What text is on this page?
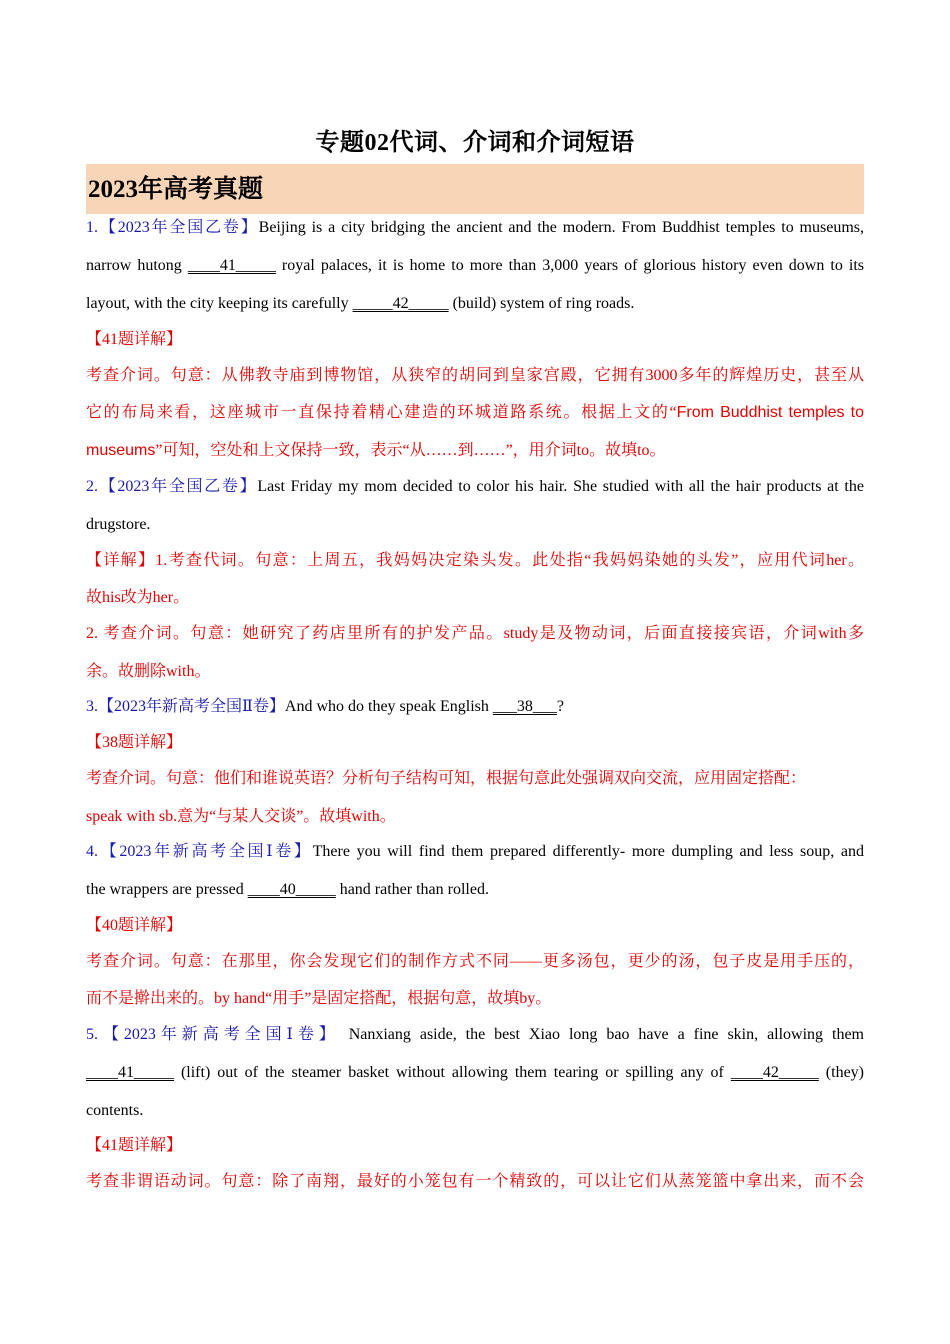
专题02代词、介词和介词短语
2023年高考真题
1.【2023年全国乙卷】Beijing is a city bridging the ancient and the modern. From Buddhist temples to museums,
narrow hutong ____41_____ royal palaces, it is home to more than 3,000 years of glorious history even down to its
layout, with the city keeping its carefully _____42_____ (build) system of ring roads.
【41题详解】
考查介词。句意：从佛教寺庙到博物馆，从狭窄的胡同到皇家宫殿，它拥有3000多年的辉煌历史，甚至从
它的布局来看，这座城市一直保持着精心建造的环城道路系统。根据上文的“From Buddhist temples to
museums”可知，空处和上文保持一致，表示“从……到……”，用介词to。故填to。
2.【2023年全国乙卷】Last Friday my mom decided to color his hair. She studied with all the hair products at the
drugstore.
【详解】1.考查代词。句意：上周五，我妈妈决定染头发。此处指“我妈妈染她的头发”，应用代词her。
故his改为her。
2. 考查介词。句意：她研究了药店里所有的护发产品。study是及物动词，后面直接接宾语，介词with多
余。故删除with。
3.【2023年新高考全国Ⅱ卷】And who do they speak English ___38___?
【38题详解】
考查介词。句意：他们和谁说英语？分析句子结构可知，根据句意此处强调双向交流，应用固定搭配：
speak with sb.意为“与某人交谈”。故填with。
4.【2023年新高考全国Ⅰ卷】There you will find them prepared differently- more dumpling and less soup, and
the wrappers are pressed ____40_____ hand rather than rolled.
【40题详解】
考查介词。句意：在那里，你会发现它们的制作方式不同——更多汤包，更少的汤，包子皮是用手压的，
而不是擀出来的。by hand“用手”是固定搭配，根据句意，故填by。
5.【2023年新高考全国Ⅰ卷】 Nanxiang aside, the best Xiao long bao have a fine skin, allowing them
____41_____ (lift) out of the steamer basket without allowing them tearing or spilling any of ____42_____ (they)
contents.
【41题详解】
考查非谓语动词。句意：除了南翔，最好的小笼包有一个精致的，可以让它们从蒸笼篮中拿出来，而不会
